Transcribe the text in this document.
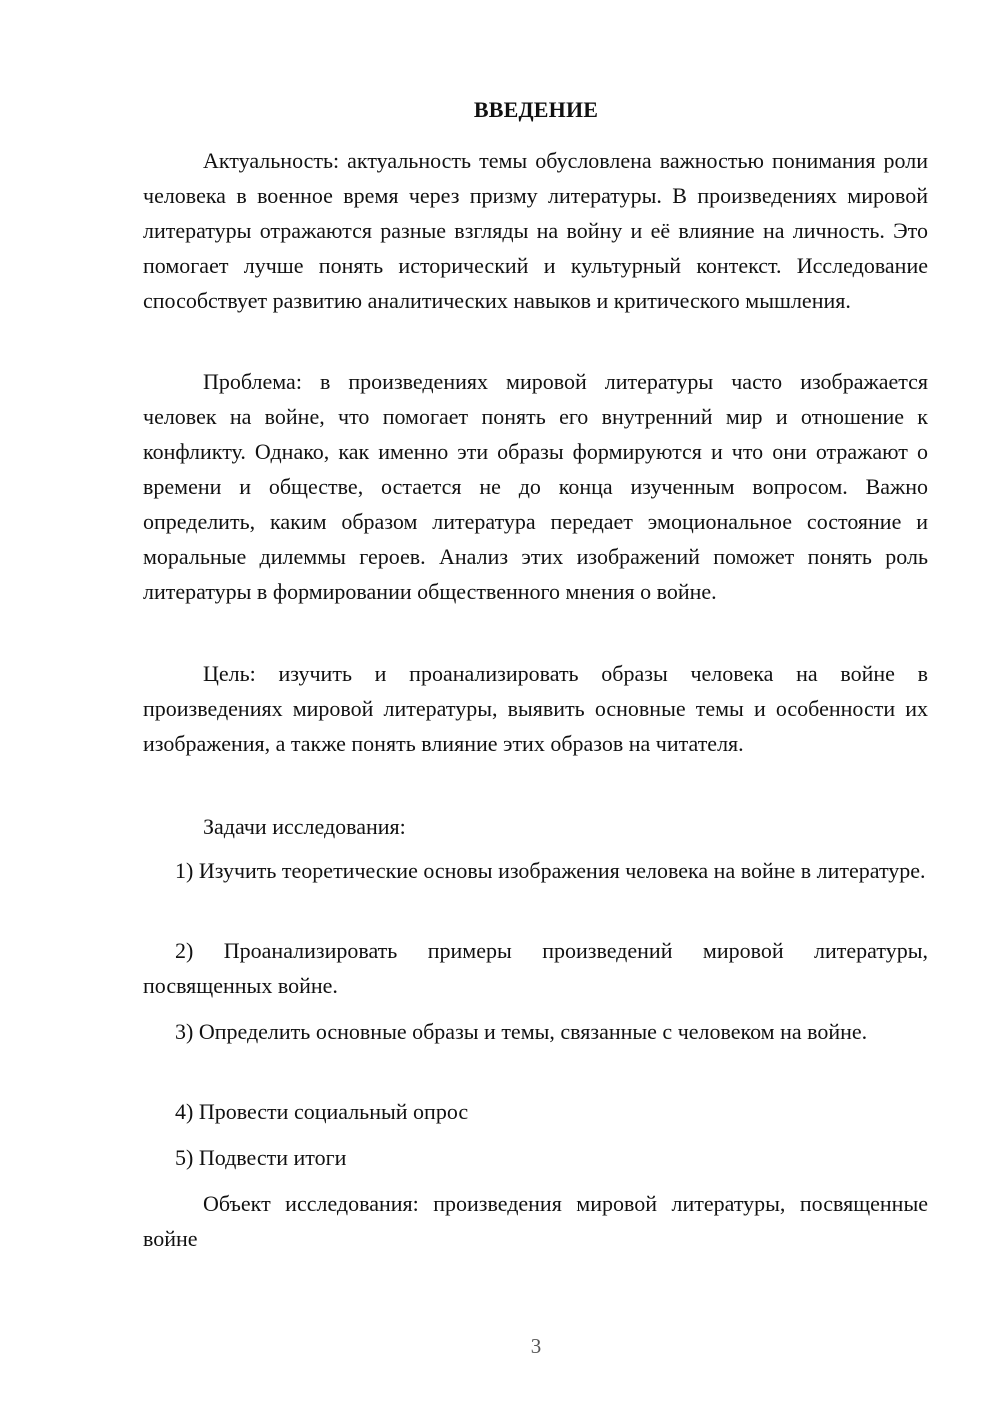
ВВЕДЕНИЕ

Актуальность: актуальность темы обусловлена важностью понимания роли человека в военное время через призму литературы. В произведениях мировой литературы отражаются разные взгляды на войну и её влияние на личность. Это помогает лучше понять исторический и культурный контекст. Исследование способствует развитию аналитических навыков и критического мышления.

Проблема: в произведениях мировой литературы часто изображается человек на войне, что помогает понять его внутренний мир и отношение к конфликту. Однако, как именно эти образы формируются и что они отражают о времени и обществе, остается не до конца изученным вопросом. Важно определить, каким образом литература передает эмоциональное состояние и моральные дилеммы героев. Анализ этих изображений поможет понять роль литературы в формировании общественного мнения о войне.

Цель: изучить и проанализировать образы человека на войне в произведениях мировой литературы, выявить основные темы и особенности их изображения, а также понять влияние этих образов на читателя.

Задачи исследования:

1) Изучить теоретические основы изображения человека на войне в литературе.

2) Проанализировать примеры произведений мировой литературы, посвященных войне.

3) Определить основные образы и темы, связанные с человеком на войне.

4) Провести социальный опрос

5) Подвести итоги

Объект исследования: произведения мировой литературы, посвященные войне

3
